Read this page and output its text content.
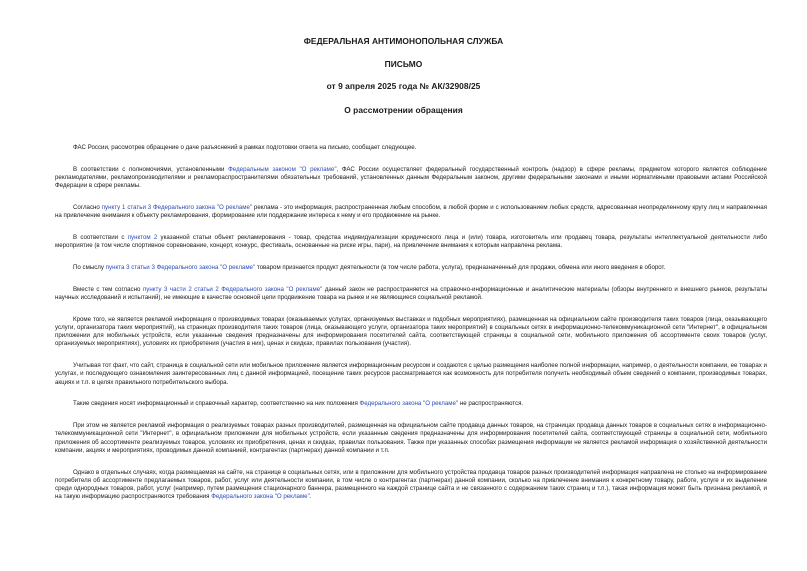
ФЕДЕРАЛЬНАЯ АНТИМОНОПОЛЬНАЯ СЛУЖБА
ПИСЬМО
от 9 апреля 2025 года № АК/32908/25
О рассмотрении обращения

ФАС России, рассмотрев обращение о даче разъяснений в рамках подготовки ответа на письмо, сообщает следующее.

В соответствии с полномочиями, установленными Федеральным законом "О рекламе", ФАС России осуществляет федеральный государственный контроль (надзор) в сфере рекламы, предметом которого является соблюдение рекламодателями, рекламопроизводителями и рекламораспространителями обязательных требований, установленных данным Федеральным законом, другими федеральными законами и иными нормативными правовыми актами Российской Федерации в сфере рекламы.

Согласно пункту 1 статьи 3 Федерального закона "О рекламе" реклама - это информация, распространенная любым способом, в любой форме и с использованием любых средств, адресованная неопределенному кругу лиц и направленная на привлечение внимания к объекту рекламирования, формирование или поддержание интереса к нему и его продвижение на рынке.

В соответствии с пунктом 2 указанной статьи объект рекламирования - товар, средства индивидуализации юридического лица и (или) товара, изготовитель или продавец товара, результаты интеллектуальной деятельности либо мероприятие (в том числе спортивное соревнование, концерт, конкурс, фестиваль, основанные на риске игры, пари), на привлечение внимания к которым направлена реклама.

По смыслу пункта 3 статьи 3 Федерального закона "О рекламе" товаром признается продукт деятельности (в том числе работа, услуга), предназначенный для продажи, обмена или иного введения в оборот.

Вместе с тем согласно пункту 3 части 2 статьи 2 Федерального закона "О рекламе" данный закон не распространяется на справочно-информационные и аналитические материалы (обзоры внутреннего и внешнего рынков, результаты научных исследований и испытаний), не имеющие в качестве основной цели продвижение товара на рынке и не являющиеся социальной рекламой.

Кроме того, не является рекламой информация о производимых товарах (оказываемых услугах, организуемых выставках и подобных мероприятиях), размещенная на официальном сайте производителя таких товаров (лица, оказывающего услуги, организатора таких мероприятий), на страницах производителя таких товаров (лица, оказывающего услуги, организатора таких мероприятий) в социальных сетях в информационно-телекоммуникационной сети "Интернет", в официальном приложении для мобильных устройств, если указанные сведения предназначены для информирования посетителей сайта, соответствующей страницы в социальной сети, мобильного приложения об ассортименте своих товаров (услуг, организуемых мероприятиях), условиях их приобретения (участия в них), ценах и скидках, правилах пользования (участия).

Учитывая тот факт, что сайт, страница в социальной сети или мобильное приложение является информационным ресурсом и создаются с целью размещения наиболее полной информации, например, о деятельности компании, ее товарах и услугах, и последующего ознакомления заинтересованных лиц с данной информацией, посещение таких ресурсов рассматривается как возможность для потребителя получить необходимый объем сведений о компании, производимых товарах, акциях и т.п. в целях правильного потребительского выбора.

Такие сведения носят информационный и справочный характер, соответственно на них положения Федерального закона "О рекламе" не распространяются.

При этом не является рекламой информация о реализуемых товарах разных производителей, размещенная на официальном сайте продавца данных товаров, на страницах продавца данных товаров в социальных сетях в информационно-телекоммуникационной сети "Интернет", в официальном приложении для мобильных устройств, если указанные сведения предназначены для информирования посетителей сайта, соответствующей страницы в социальной сети, мобильного приложения об ассортименте реализуемых товаров, условиях их приобретения, ценах и скидках, правилах пользования. Также при указанных способах размещения информации не является рекламой информация о хозяйственной деятельности компании, акциях и мероприятиях, проводимых данной компанией, контрагентах (партнерах) данной компании и т.п.

Однако в отдельных случаях, когда размещаемая на сайте, на странице в социальных сетях, или в приложении для мобильного устройства продавца товаров разных производителей информация направлена не столько на информирование потребителя об ассортименте предлагаемых товаров, работ, услуг или деятельности компании, в том числе о контрагентах (партнерах) данной компании, сколько на привлечение внимания к конкретному товару, работе, услуге и их выделение среди однородных товаров, работ, услуг (например, путем размещения стационарного баннера, размещенного на каждой странице сайта и не связанного с содержанием таких страниц и т.п.), такая информация может быть признана рекламой, и на такую информацию распространяются требования Федерального закона "О рекламе".
